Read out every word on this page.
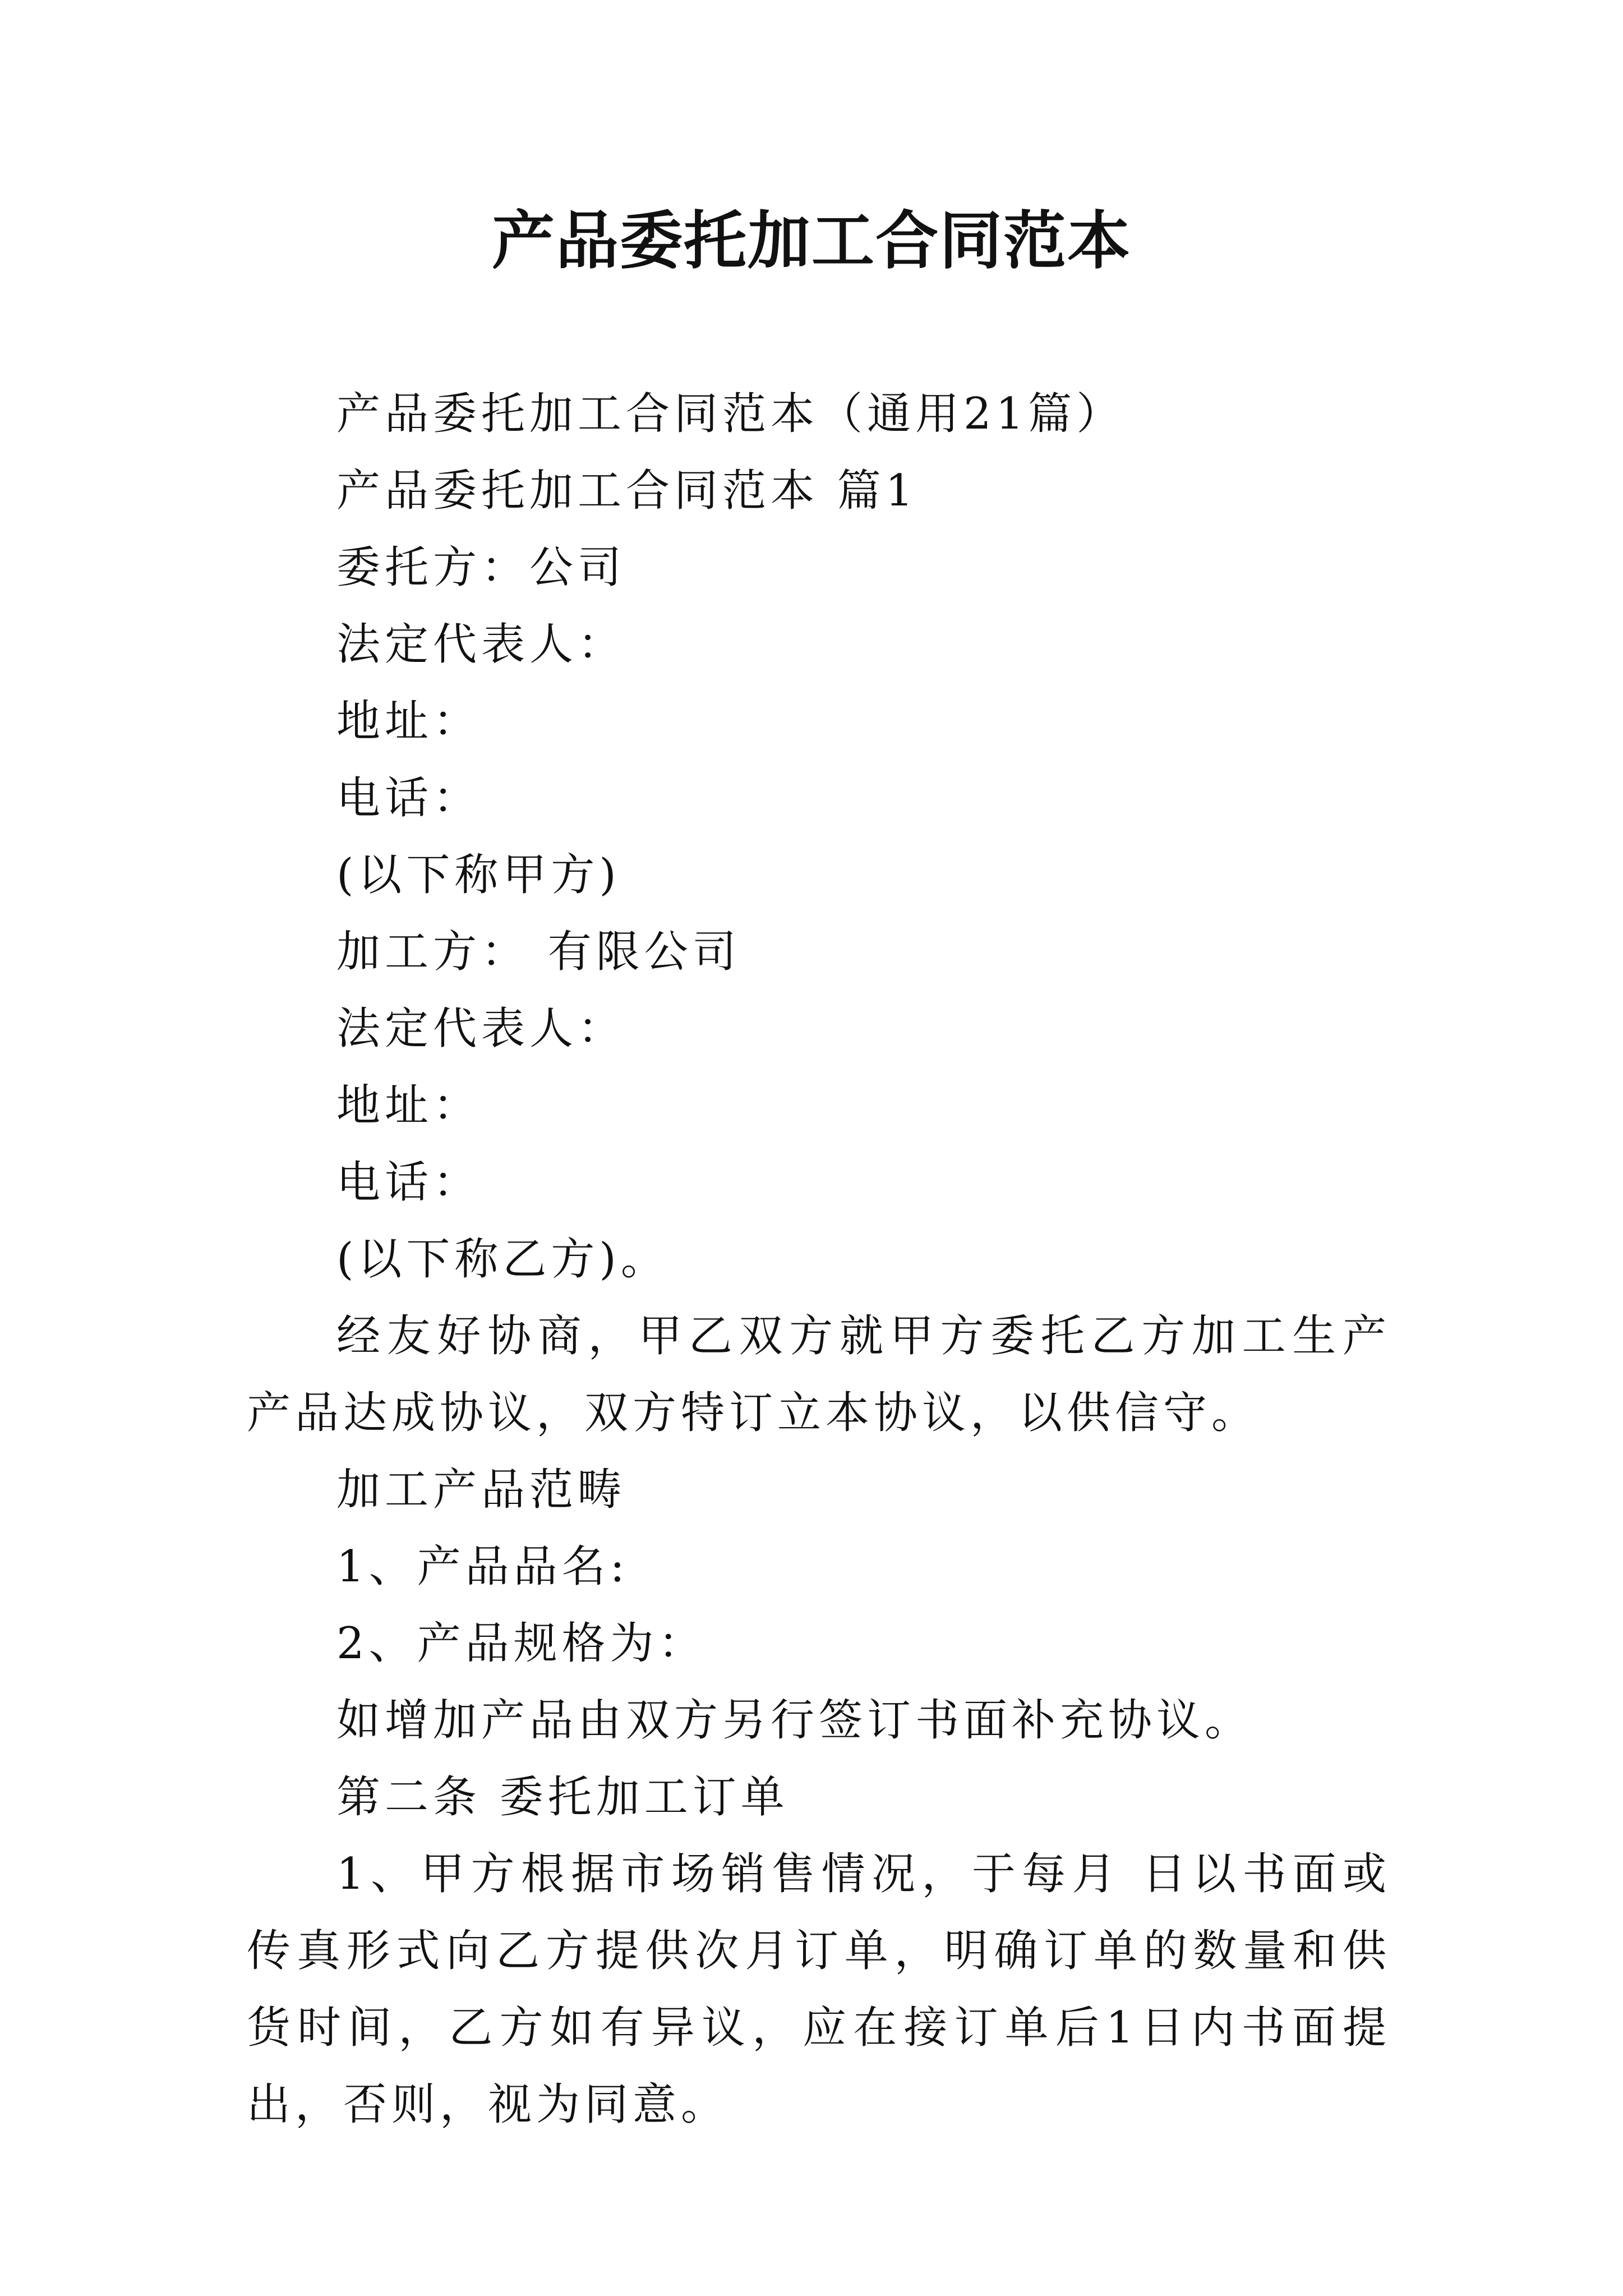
产品委托加工合同范本

产品委托加工合同范本（通用21篇）

产品委托加工合同范本 篇1

委托方：公司

法定代表人：

地址：

电话：

(以下称甲方)

加工方： 有限公司

法定代表人：

地址：

电话：

(以下称乙方)。

经友好协商，甲乙双方就甲方委托乙方加工生产 产品达成协议，双方特订立本协议，以供信守。

加工产品范畴

1、产品品名:

2、产品规格为：

如增加产品由双方另行签订书面补充协议。

第二条 委托加工订单

1、甲方根据市场销售情况，于每月 日以书面或传真形式向乙方提供次月订单，明确订单的数量和供货时间，乙方如有异议，应在接订单后1日内书面提出，否则，视为同意。
